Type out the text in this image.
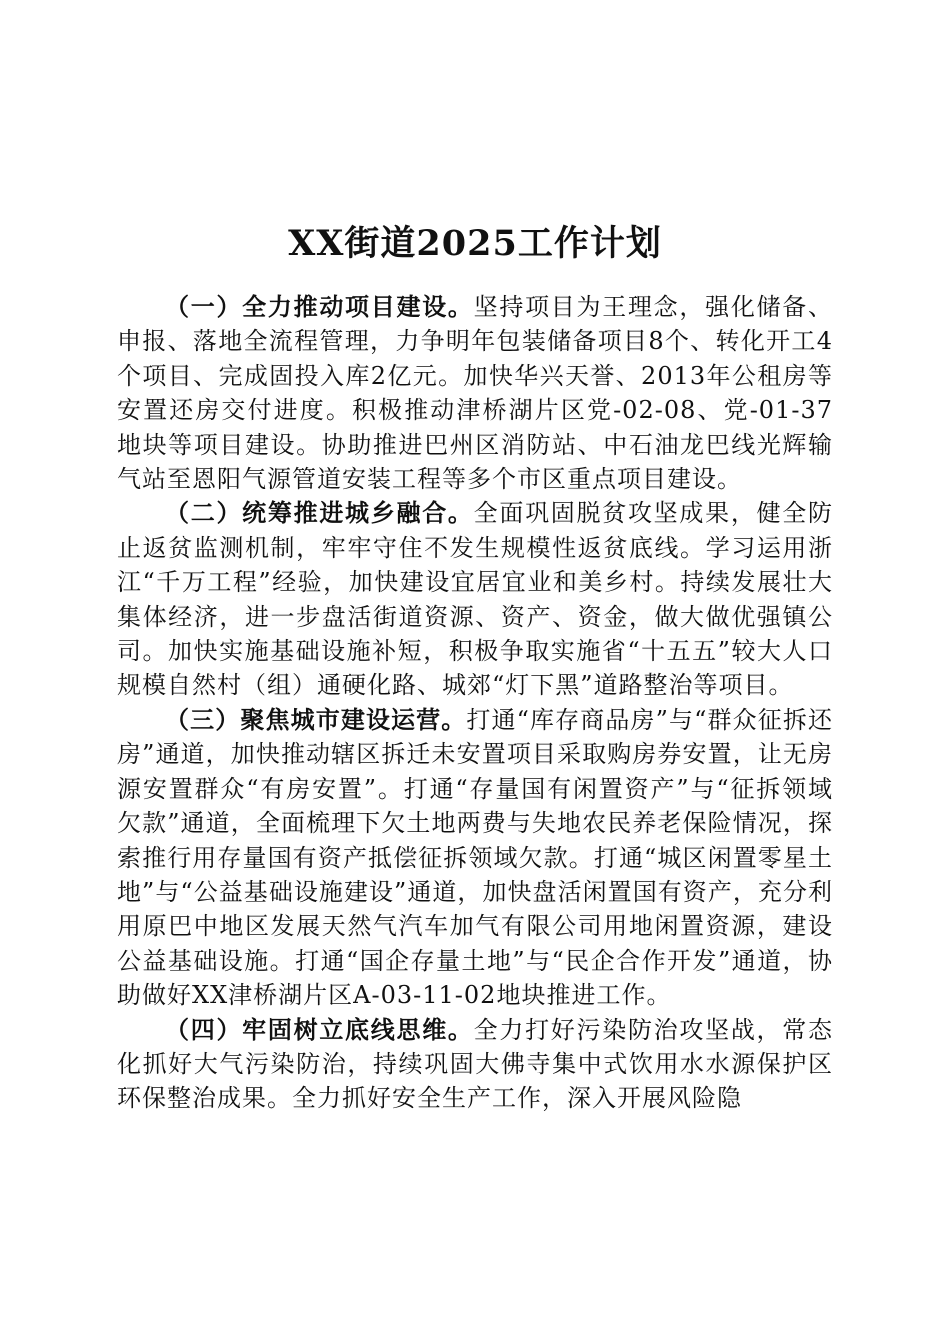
XX街道2025工作计划

（一）全力推动项目建设。坚持项目为王理念，强化储备、申报、落地全流程管理，力争明年包装储备项目8个、转化开工4个项目、完成固投入库2亿元。加快华兴天誉、2013年公租房等安置还房交付进度。积极推动津桥湖片区党-02-08、党-01-37地块等项目建设。协助推进巴州区消防站、中石油龙巴线光辉输气站至恩阳气源管道安装工程等多个市区重点项目建设。

（二）统筹推进城乡融合。全面巩固脱贫攻坚成果，健全防止返贫监测机制，牢牢守住不发生规模性返贫底线。学习运用浙江“千万工程”经验，加快建设宜居宜业和美乡村。持续发展壮大集体经济，进一步盘活街道资源、资产、资金，做大做优强镇公司。加快实施基础设施补短，积极争取实施省“十五五”较大人口规模自然村（组）通硬化路、城郊“灯下黑”道路整治等项目。

（三）聚焦城市建设运营。打通“库存商品房”与“群众征拆还房”通道，加快推动辖区拆迁未安置项目采取购房券安置，让无房源安置群众“有房安置”。打通“存量国有闲置资产”与“征拆领域欠款”通道，全面梳理下欠土地两费与失地农民养老保险情况，探索推行用存量国有资产抵偿征拆领域欠款。打通“城区闲置零星土地”与“公益基础设施建设”通道，加快盘活闲置国有资产，充分利用原巴中地区发展天然气汽车加气有限公司用地闲置资源，建设公益基础设施。打通“国企存量土地”与“民企合作开发”通道，协助做好XX津桥湖片区A-03-11-02地块推进工作。

（四）牢固树立底线思维。全力打好污染防治攻坚战，常态化抓好大气污染防治，持续巩固大佛寺集中式饮用水水源保护区环保整治成果。全力抓好安全生产工作，深入开展风险隐
